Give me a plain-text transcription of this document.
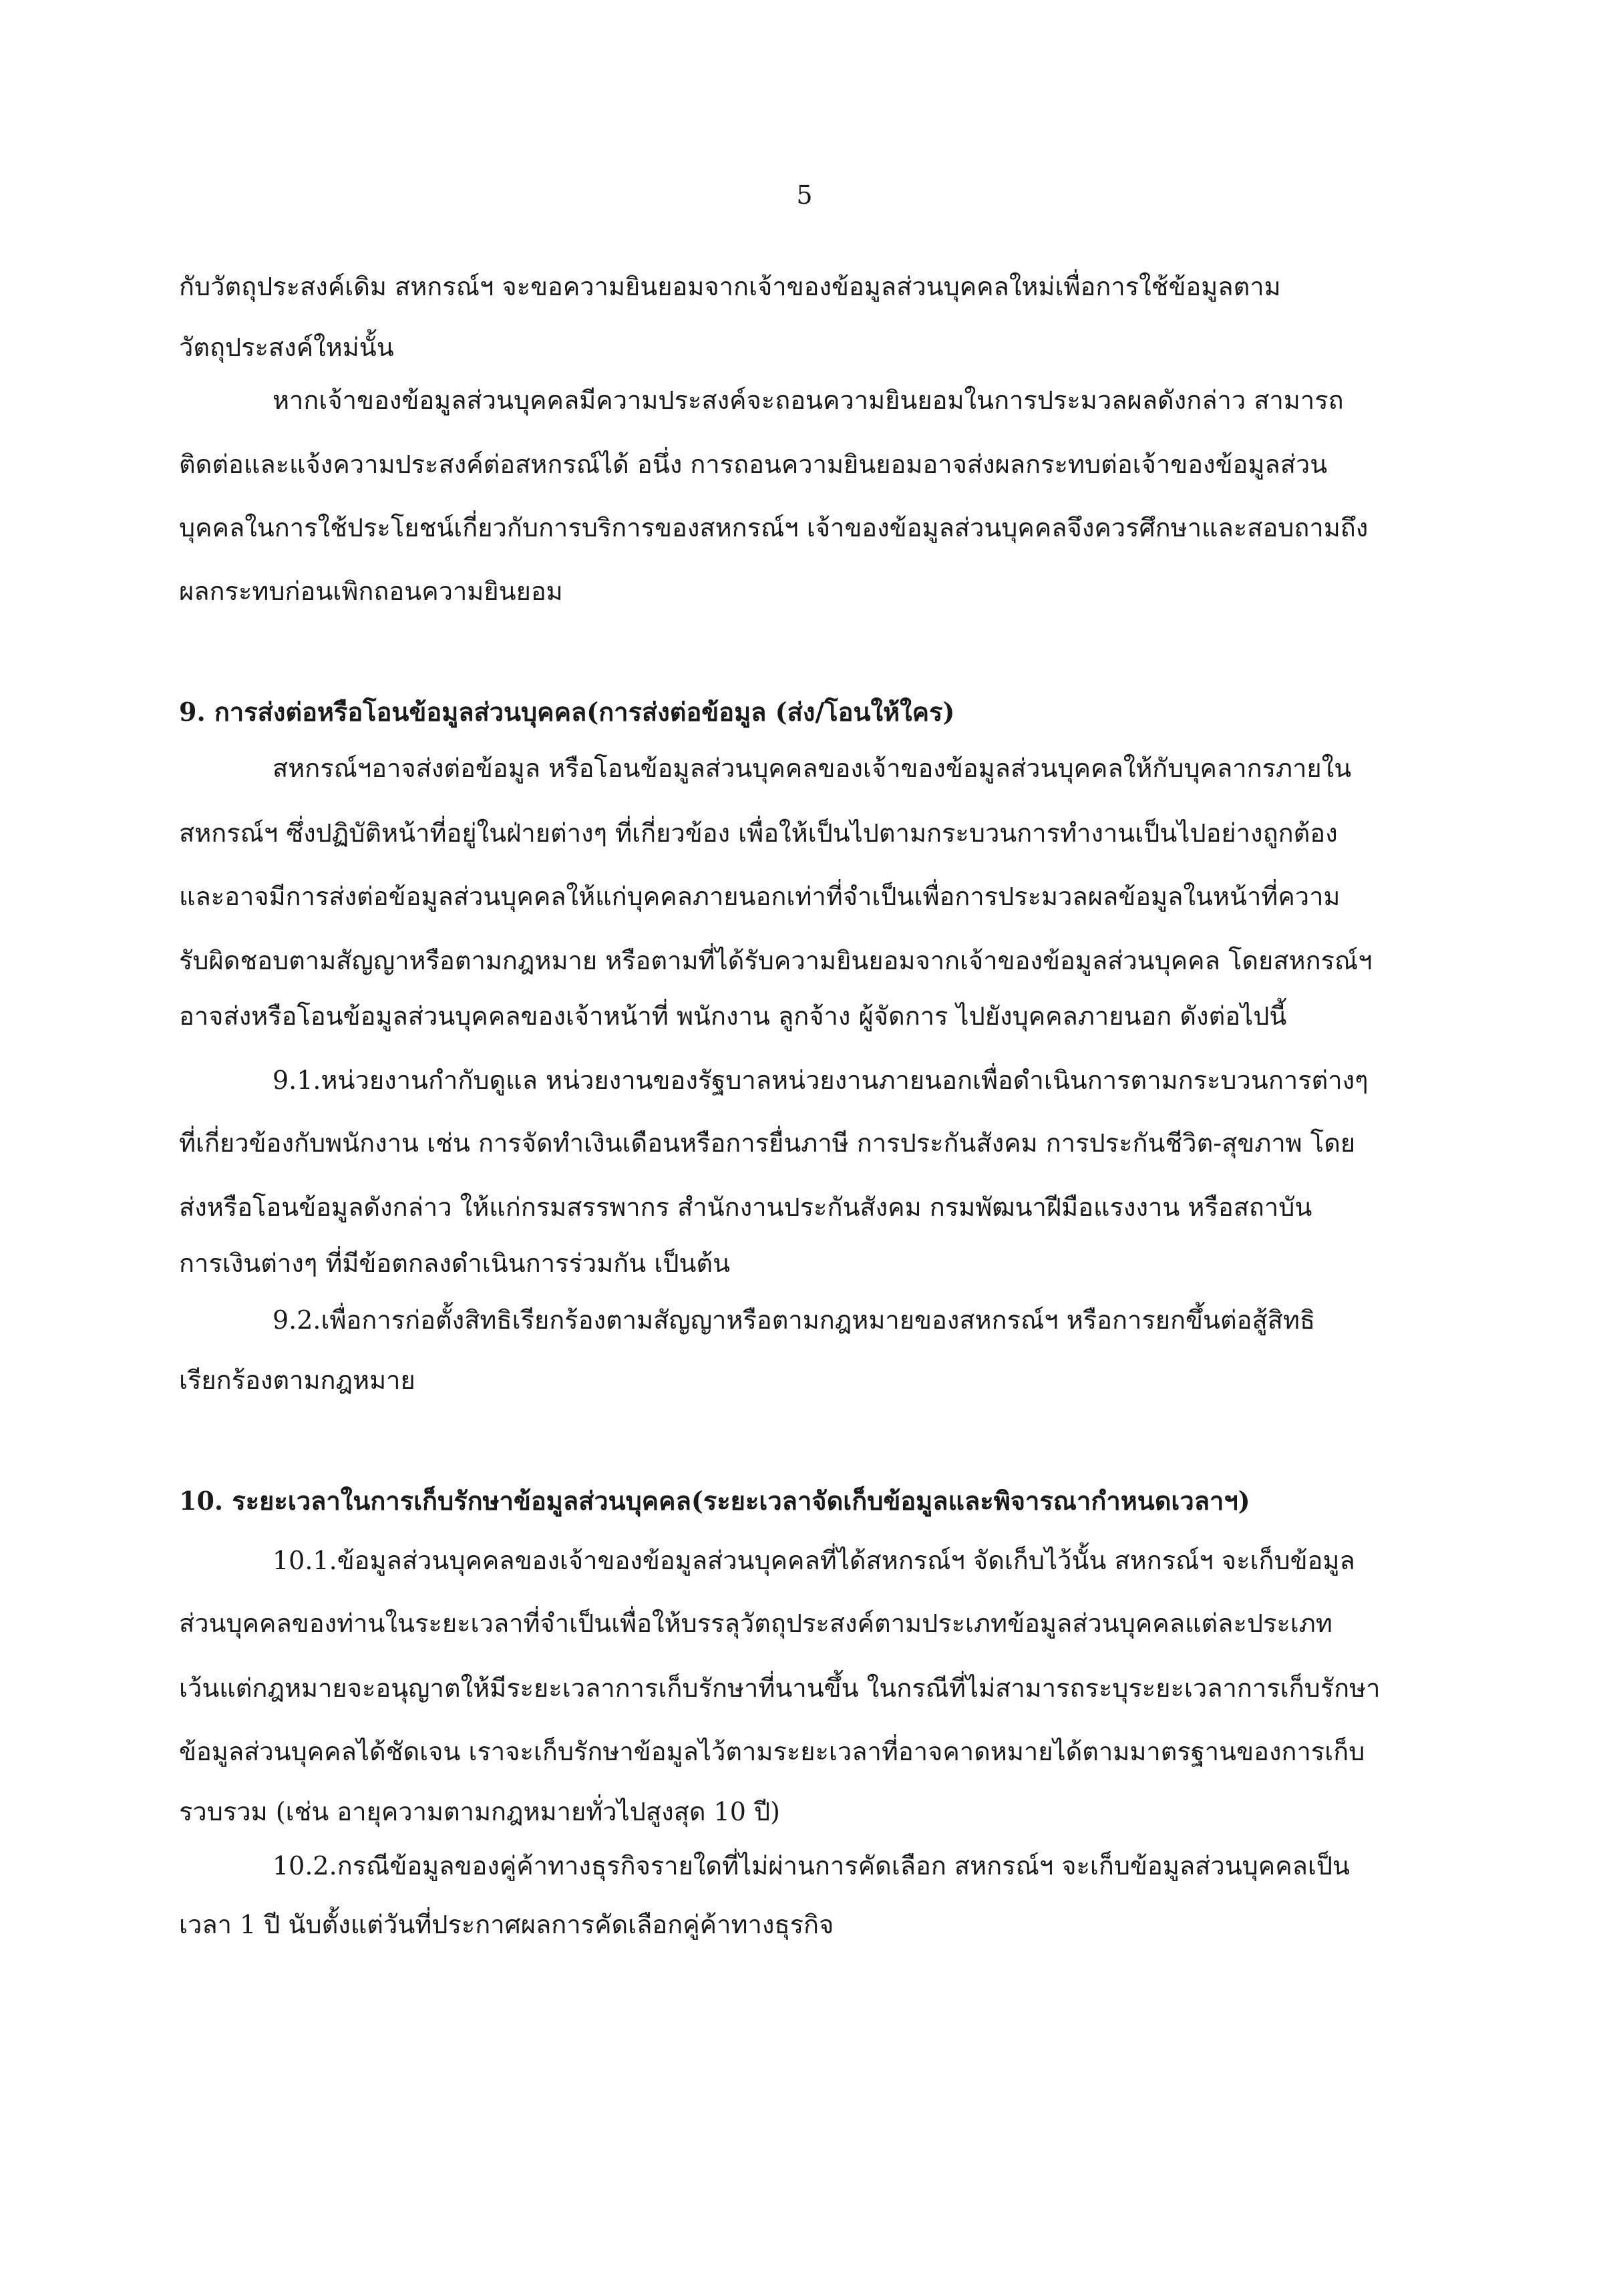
5
กับวัตถุประสงค์เดิม สหกรณ์ฯ จะขอความยินยอมจากเจ้าของข้อมูลส่วนบุคคลใหม่เพื่อการใช้ข้อมูลตาม
วัตถุประสงค์ใหม่นั้น
หากเจ้าของข้อมูลส่วนบุคคลมีความประสงค์จะถอนความยินยอมในการประมวลผลดังกล่าว สามารถ
ติดต่อและแจ้งความประสงค์ต่อสหกรณ์ได้ อนึ่ง การถอนความยินยอมอาจส่งผลกระทบต่อเจ้าของข้อมูลส่วน
บุคคลในการใช้ประโยชน์เกี่ยวกับการบริการของสหกรณ์ฯ เจ้าของข้อมูลส่วนบุคคลจึงควรศึกษาและสอบถามถึง
ผลกระทบก่อนเพิกถอนความยินยอม
9. การส่งต่อหรือโอนข้อมูลส่วนบุคคล(การส่งต่อข้อมูล (ส่ง/โอนให้ใคร)
สหกรณ์ฯอาจส่งต่อข้อมูล หรือโอนข้อมูลส่วนบุคคลของเจ้าของข้อมูลส่วนบุคคลให้กับบุคลากรภายใน
สหกรณ์ฯ ซึ่งปฏิบัติหน้าที่อยู่ในฝ่ายต่างๆ ที่เกี่ยวข้อง เพื่อให้เป็นไปตามกระบวนการทำงานเป็นไปอย่างถูกต้อง
และอาจมีการส่งต่อข้อมูลส่วนบุคคลให้แก่บุคคลภายนอกเท่าที่จำเป็นเพื่อการประมวลผลข้อมูลในหน้าที่ความ
รับผิดชอบตามสัญญาหรือตามกฎหมาย หรือตามที่ได้รับความยินยอมจากเจ้าของข้อมูลส่วนบุคคล โดยสหกรณ์ฯ
อาจส่งหรือโอนข้อมูลส่วนบุคคลของเจ้าหน้าที่ พนักงาน ลูกจ้าง ผู้จัดการ ไปยังบุคคลภายนอก ดังต่อไปนี้
9.1.หน่วยงานกำกับดูแล หน่วยงานของรัฐบาลหน่วยงานภายนอกเพื่อดำเนินการตามกระบวนการต่างๆ
ที่เกี่ยวข้องกับพนักงาน เช่น การจัดทำเงินเดือนหรือการยื่นภาษี การประกันสังคม การประกันชีวิต-สุขภาพ โดย
ส่งหรือโอนข้อมูลดังกล่าว ให้แก่กรมสรรพากร สำนักงานประกันสังคม กรมพัฒนาฝีมือแรงงาน หรือสถาบัน
การเงินต่างๆ ที่มีข้อตกลงดำเนินการร่วมกัน เป็นต้น
9.2.เพื่อการก่อตั้งสิทธิเรียกร้องตามสัญญาหรือตามกฎหมายของสหกรณ์ฯ หรือการยกขึ้นต่อสู้สิทธิ
เรียกร้องตามกฎหมาย
10. ระยะเวลาในการเก็บรักษาข้อมูลส่วนบุคคล(ระยะเวลาจัดเก็บข้อมูลและพิจารณากำหนดเวลาฯ)
10.1.ข้อมูลส่วนบุคคลของเจ้าของข้อมูลส่วนบุคคลที่ได้สหกรณ์ฯ จัดเก็บไว้นั้น สหกรณ์ฯ จะเก็บข้อมูล
ส่วนบุคคลของท่านในระยะเวลาที่จำเป็นเพื่อให้บรรลุวัตถุประสงค์ตามประเภทข้อมูลส่วนบุคคลแต่ละประเภท
เว้นแต่กฎหมายจะอนุญาตให้มีระยะเวลาการเก็บรักษาที่นานขึ้น ในกรณีที่ไม่สามารถระบุระยะเวลาการเก็บรักษา
ข้อมูลส่วนบุคคลได้ชัดเจน เราจะเก็บรักษาข้อมูลไว้ตามระยะเวลาที่อาจคาดหมายได้ตามมาตรฐานของการเก็บ
รวบรวม (เช่น อายุความตามกฎหมายทั่วไปสูงสุด 10 ปี)
10.2.กรณีข้อมูลของคู่ค้าทางธุรกิจรายใดที่ไม่ผ่านการคัดเลือก สหกรณ์ฯ จะเก็บข้อมูลส่วนบุคคลเป็น
เวลา 1 ปี นับตั้งแต่วันที่ประกาศผลการคัดเลือกคู่ค้าทางธุรกิจ
